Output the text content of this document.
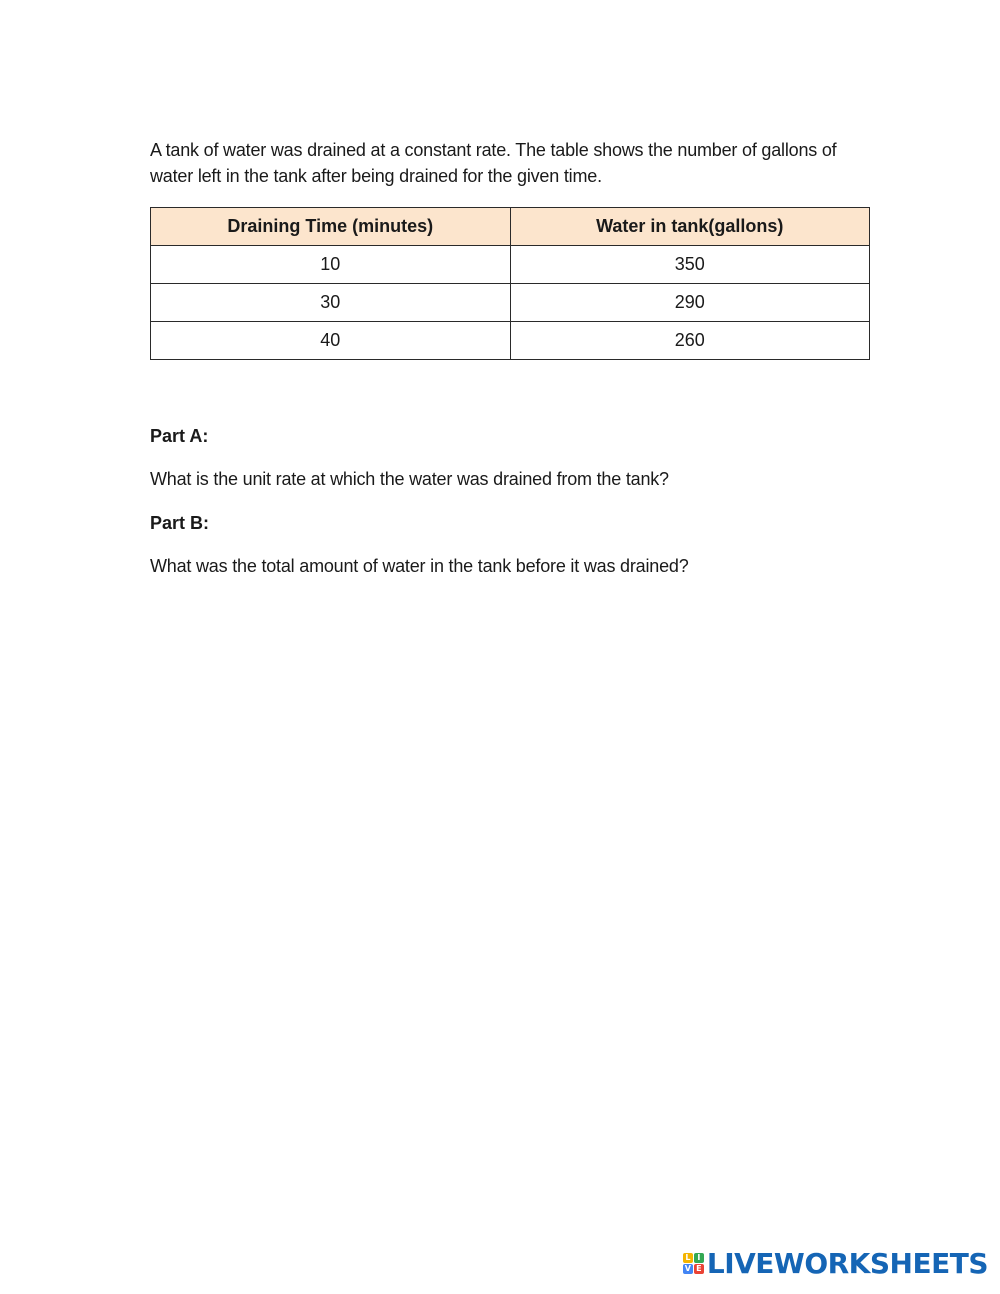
A tank of water was drained at a constant rate. The table shows the number of gallons of water left in the tank after being drained for the given time.

Draining Time (minutes)	Water in tank(gallons)
10	350
30	290
40	260

Part A:

What is the unit rate at which the water was drained from the tank?

Part B:

What was the total amount of water in the tank before it was drained?

L I
V E LIVEWORKSHEETS
